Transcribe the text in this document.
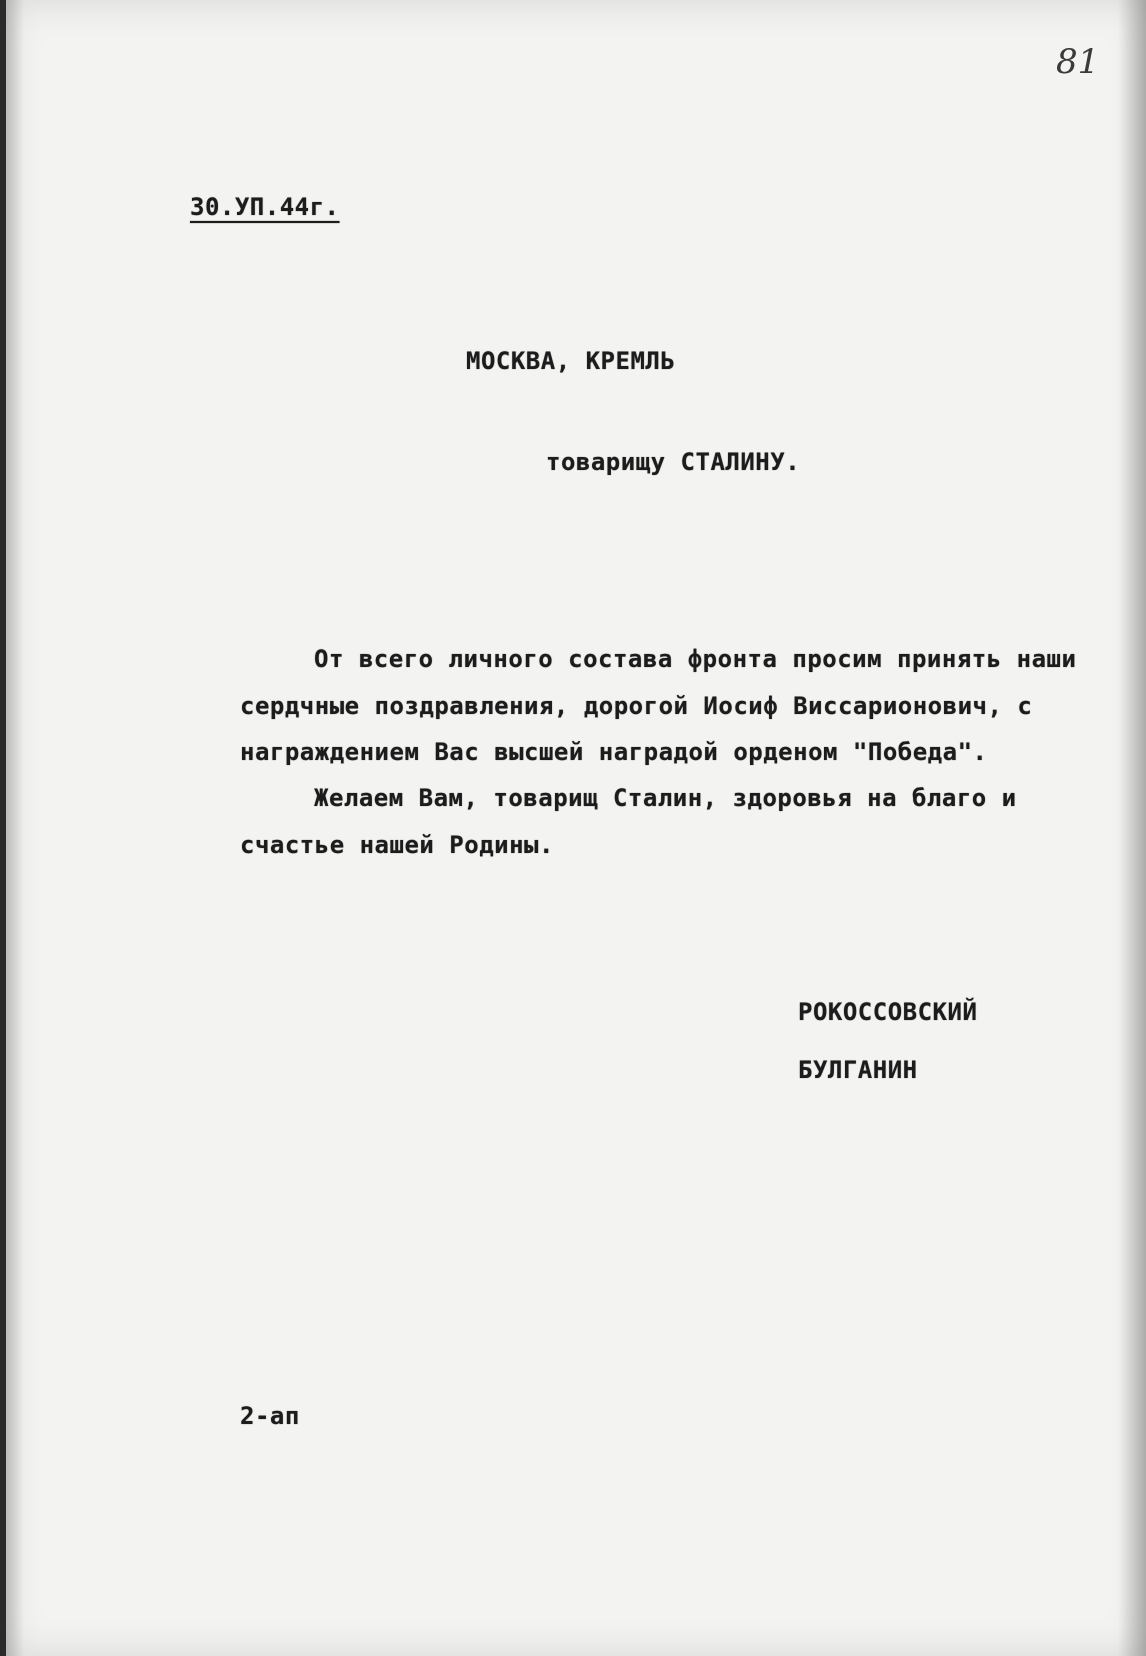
81
30.УП.44г.
МОСКВА, КРЕМЛЬ
товарищу СТАЛИНУ.
От всего личного состава фронта просим принять наши
сердчные поздравления, дорогой Иосиф Виссарионович, с
награждением Вас высшей наградой орденом "Победа".
Желаем Вам, товарищ Сталин, здоровья на благо и
счастье нашей Родины.
РОКОССОВСКИЙ
БУЛГАНИН
2-ап
